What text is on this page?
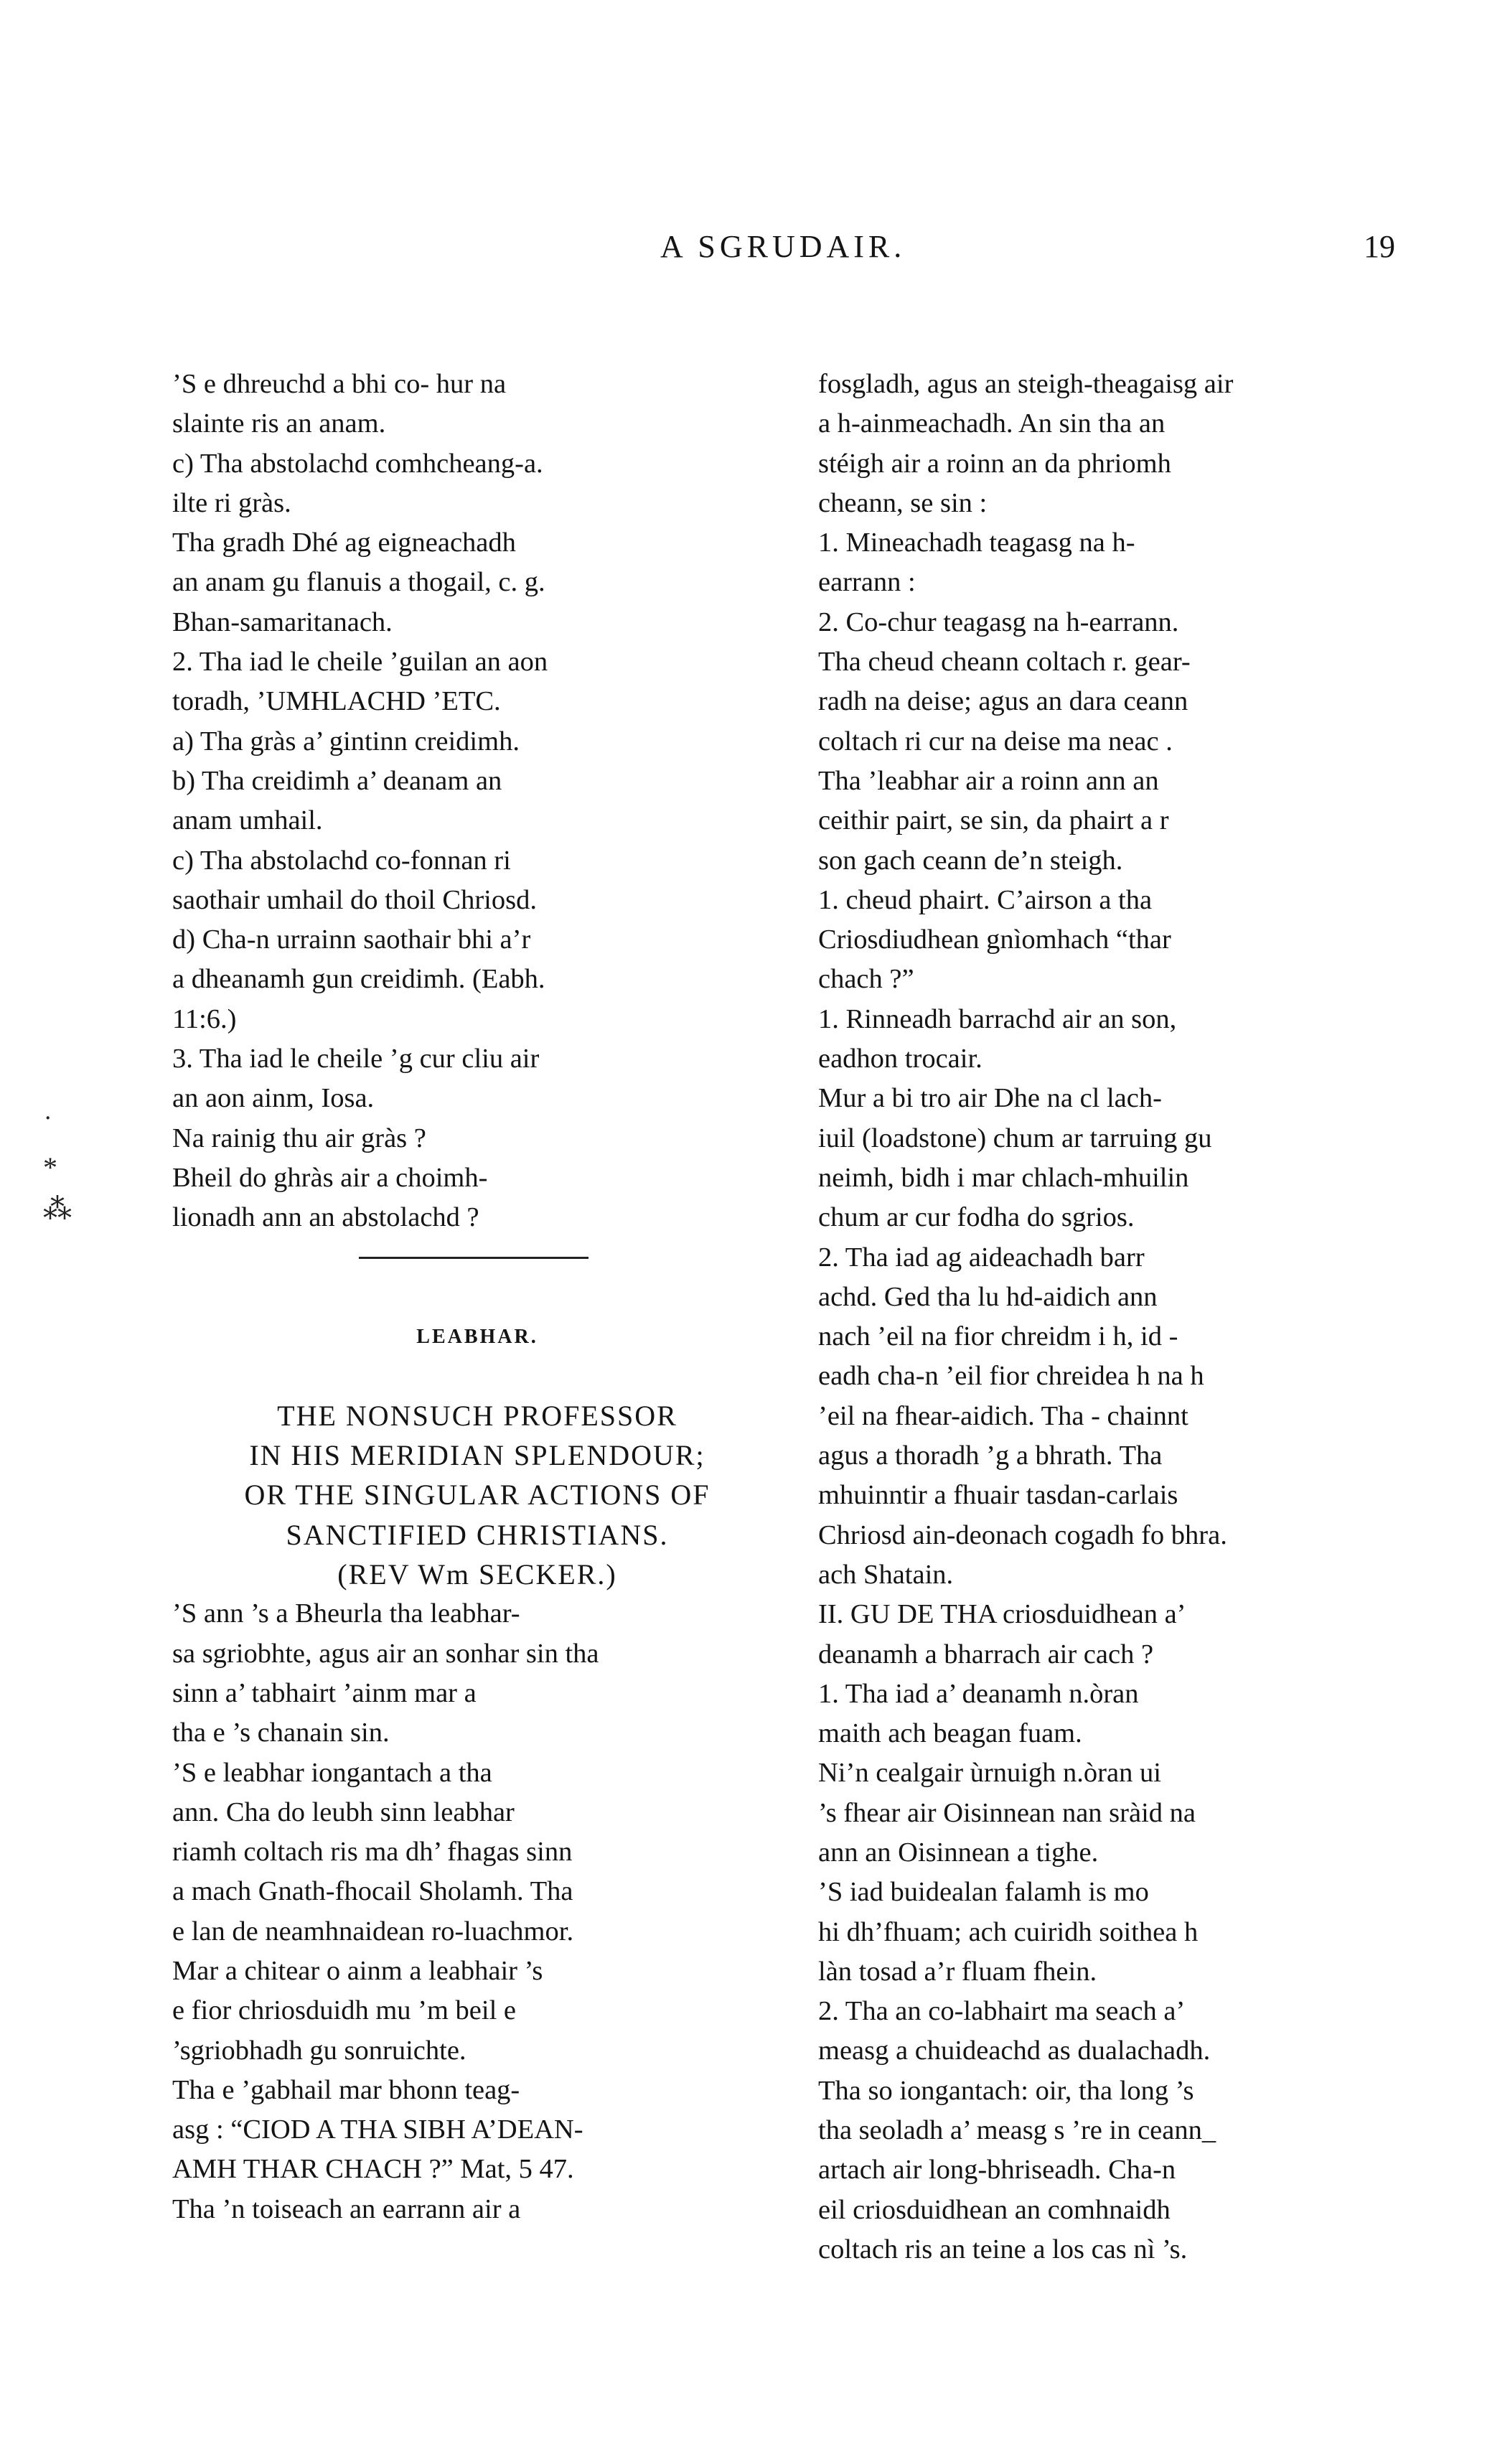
A SGRUDAIR.	19
˙
*
⁂

’S e dhreuchd a bhi co- hur na

slainte ris an anam.

c) Tha abstolachd comhcheang-a.

ilte ri gràs.

Tha gradh Dhé ag eigneachadh

an anam gu flanuis a thogail, c. g.

Bhan-samaritanach.

2. Tha iad le cheile ’guilan an aon

toradh, ’UMHLACHD ’ETC.

a) Tha gràs a’ gintinn creidimh.

b) Tha creidimh a’ deanam an

anam umhail.

c) Tha abstolachd co-fonnan ri

saothair umhail do thoil Chriosd.

d) Cha-n urrainn saothair bhi a’r

a dheanamh gun creidimh. (Eabh.

11:6.)

3. Tha iad le cheile ’g cur cliu air

an aon ainm, Iosa.

Na rainig thu air gràs ?

Bheil do ghràs air a choimh-

lionadh ann an abstolachd ?

LEABHAR.

THE NONSUCH PROFESSOR

IN HIS MERIDIAN SPLENDOUR;

OR THE SINGULAR ACTIONS OF

SANCTIFIED CHRISTIANS.

(REV Wm SECKER.)

’S ann ’s a Bheurla tha leabhar-

sa sgriobhte, agus air an sonhar sin tha

sinn a’ tabhairt ’ainm mar a

tha e ’s chanain sin.

’S e leabhar iongantach a tha

ann. Cha do leubh sinn leabhar

riamh coltach ris ma dh’ fhagas sinn

a mach Gnath-fhocail Sholamh. Tha

e lan de neamhnaidean ro-luachmor.

Mar a chitear o ainm a leabhair ’s

e fior chriosduidh mu ’m beil e

’sgriobhadh gu sonruichte.

Tha e ’gabhail mar bhonn teag-

asg : “CIOD A THA SIBH A’DEAN-

AMH THAR CHACH ?” Mat, 5 47.

Tha ’n toiseach an earrann air a

fosgladh, agus an steigh-theagaisg air

a h-ainmeachadh. An sin tha an

stéigh air a roinn an da phriomh

cheann, se sin :

1. Mineachadh teagasg na h-

earrann :

2. Co-chur teagasg na h-earrann.

Tha cheud cheann coltach r. gear-

radh na deise; agus an dara ceann

coltach ri cur na deise ma neac .

Tha ’leabhar air a roinn ann an

ceithir pairt, se sin, da phairt a r

son gach ceann de’n steigh.

1. cheud phairt. C’airson a tha

Criosdiudhean gnìomhach “thar

chach ?”

1. Rinneadh barrachd air an son,

eadhon trocair.

Mur a bi tro air Dhe na cl lach-

iuil (loadstone) chum ar tarruing gu

neimh, bidh i mar chlach-mhuilin

chum ar cur fodha do sgrios.

2. Tha iad ag aideachadh barr

achd. Ged tha lu hd-aidich ann

nach ’eil na fior chreidm i h, id -

eadh cha-n ’eil fior chreidea h na h

’eil na fhear-aidich. Tha - chainnt

agus a thoradh ’g a bhrath. Tha

mhuinntir a fhuair tasdan-carlais

Chriosd ain-deonach cogadh fo bhra.

ach Shatain.

II. GU DE THA criosduidhean a’

deanamh a bharrach air cach ?

1. Tha iad a’ deanamh n.òran

maith ach beagan fuam.

Ni’n cealgair ùrnuigh n.òran ui

’s fhear air Oisinnean nan sràid na

ann an Oisinnean a tighe.

’S iad buidealan falamh is mo

hi dh’fhuam; ach cuiridh soithea h

làn tosad a’r fluam fhein.

2. Tha an co-labhairt ma seach a’

measg a chuideachd as dualachadh.

Tha so iongantach: oir, tha long ’s

tha seoladh a’ measg s ’re in ceann_

artach air long-bhriseadh. Cha-n

eil criosduidhean an comhnaidh

coltach ris an teine a los cas nì ’s.
